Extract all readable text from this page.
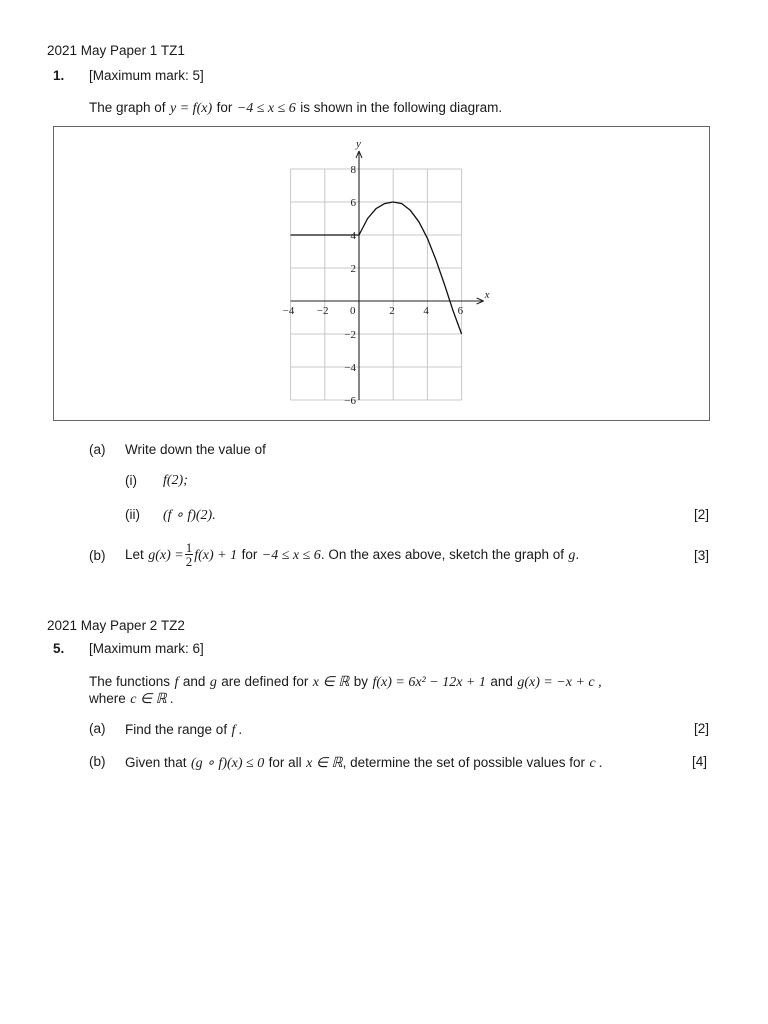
2021 May Paper 1 TZ1
1. [Maximum mark: 5]
The graph of y = f(x) for −4 ≤ x ≤ 6 is shown in the following diagram.
x
y
−4 −2 0	2	4	6
8
6
4
2
−2
−4
−6
(a) Write down the value of
(i) f(2);
(ii) (f ∘ f)(2).	[2]
(b) Let $g(x) = \frac{1}{2} f(x) + 1$ for −4 ≤ x ≤ 6. On the axes above, sketch the graph of g.	[3]
2021 May Paper 2 TZ2
5. [Maximum mark: 6]
The functions f and g are defined for x ∈ ℝ by f(x) = 6x² − 12x + 1 and g(x) = −x + c ,
where c ∈ ℝ .
(a) Find the range of f .	[2]
(b) Given that (g ∘ f)(x) ≤ 0 for all x ∈ ℝ, determine the set of possible values for c .	[4]
